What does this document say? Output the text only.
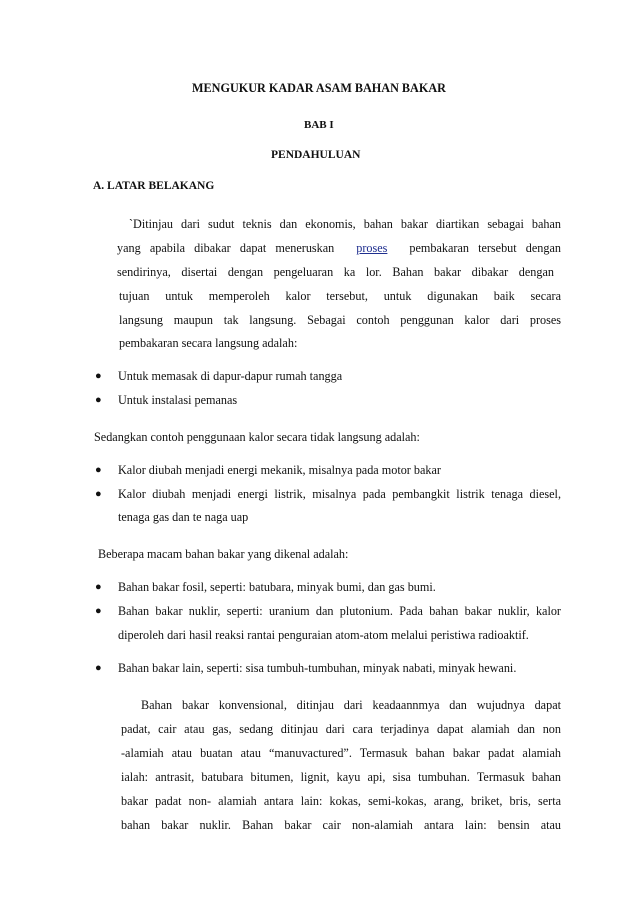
MENGUKUR KADAR ASAM BAHAN BAKAR
BAB I
PENDAHULUAN
A. LATAR BELAKANG
`Ditinjau dari sudut teknis dan ekonomis, bahan bakar diartikan sebagai bahan
yang   apabila   dibakar   dapat   meneruskan proses pembakaran   tersebut   dengan
sendirinya, disertai dengan pengeluaran ka lor. Bahan bakar dibakar dengan
tujuan untuk memperoleh kalor tersebut, untuk digunakan baik secara
langsung maupun tak langsung. Sebagai contoh penggunan kalor dari proses
pembakaran secara langsung adalah:
● Untuk memasak di dapur-dapur rumah tangga
● Untuk instalasi pemanas
Sedangkan contoh penggunaan kalor secara tidak langsung adalah:
● Kalor diubah menjadi energi mekanik, misalnya pada motor bakar
● Kalor diubah menjadi energi listrik, misalnya pada pembangkit listrik tenaga diesel,
tenaga gas dan te naga uap
Beberapa macam bahan bakar yang dikenal adalah:
● Bahan bakar fosil, seperti: batubara, minyak bumi, dan gas bumi.
● Bahan bakar nuklir, seperti: uranium dan plutonium. Pada bahan bakar nuklir, kalor
diperoleh dari hasil reaksi rantai penguraian atom-atom melalui peristiwa radioaktif.
● Bahan bakar lain, seperti: sisa tumbuh-tumbuhan, minyak nabati, minyak hewani.
Bahan bakar konvensional, ditinjau dari keadaannmya dan wujudnya dapat
padat, cair atau gas, sedang ditinjau dari cara terjadinya dapat alamiah dan non
-alamiah atau buatan atau “manuvactured”. Termasuk bahan bakar padat alamiah
ialah: antrasit, batubara bitumen, lignit, kayu api, sisa tumbuhan. Termasuk bahan
bakar padat non- alamiah antara lain: kokas, semi-kokas, arang, briket, bris, serta
bahan bakar nuklir. Bahan bakar cair non-alamiah antara lain: bensin atau
